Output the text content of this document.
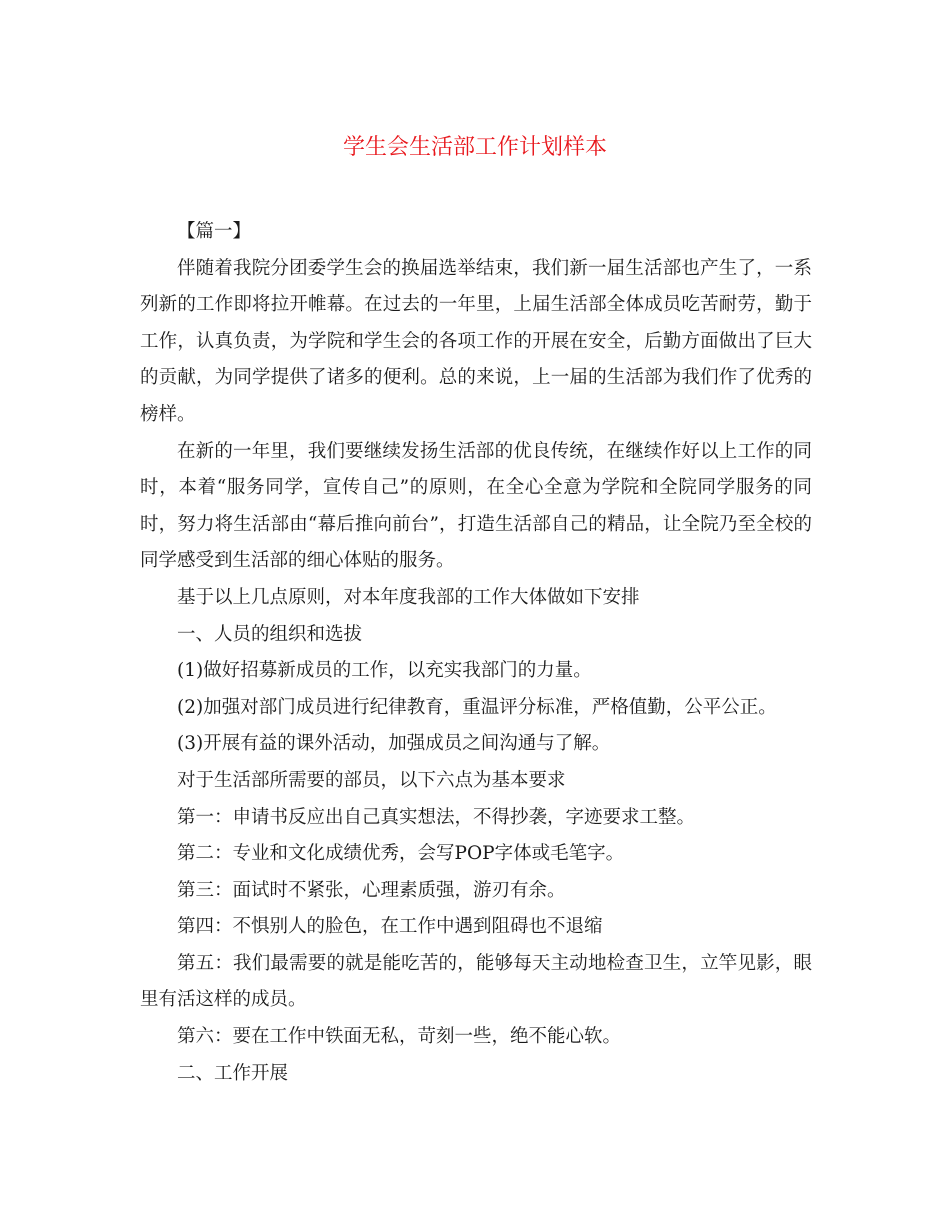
学生会生活部工作计划样本

【篇一】

伴随着我院分团委学生会的换届选举结束，我们新一届生活部也产生了，一系列新的工作即将拉开帷幕。在过去的一年里，上届生活部全体成员吃苦耐劳，勤于工作，认真负责，为学院和学生会的各项工作的开展在安全，后勤方面做出了巨大的贡献，为同学提供了诸多的便利。总的来说，上一届的生活部为我们作了优秀的榜样。

在新的一年里，我们要继续发扬生活部的优良传统，在继续作好以上工作的同时，本着“服务同学，宣传自己”的原则，在全心全意为学院和全院同学服务的同时，努力将生活部由“幕后推向前台”，打造生活部自己的精品，让全院乃至全校的同学感受到生活部的细心体贴的服务。

基于以上几点原则，对本年度我部的工作大体做如下安排

一、人员的组织和选拔

(1)做好招募新成员的工作，以充实我部门的力量。

(2)加强对部门成员进行纪律教育，重温评分标准，严格值勤，公平公正。

(3)开展有益的课外活动，加强成员之间沟通与了解。

对于生活部所需要的部员，以下六点为基本要求

第一：申请书反应出自己真实想法，不得抄袭，字迹要求工整。

第二：专业和文化成绩优秀，会写POP字体或毛笔字。

第三：面试时不紧张，心理素质强，游刃有余。

第四：不惧别人的脸色，在工作中遇到阻碍也不退缩

第五：我们最需要的就是能吃苦的，能够每天主动地检查卫生，立竿见影，眼里有活这样的成员。

第六：要在工作中铁面无私，苛刻一些，绝不能心软。

二、工作开展
